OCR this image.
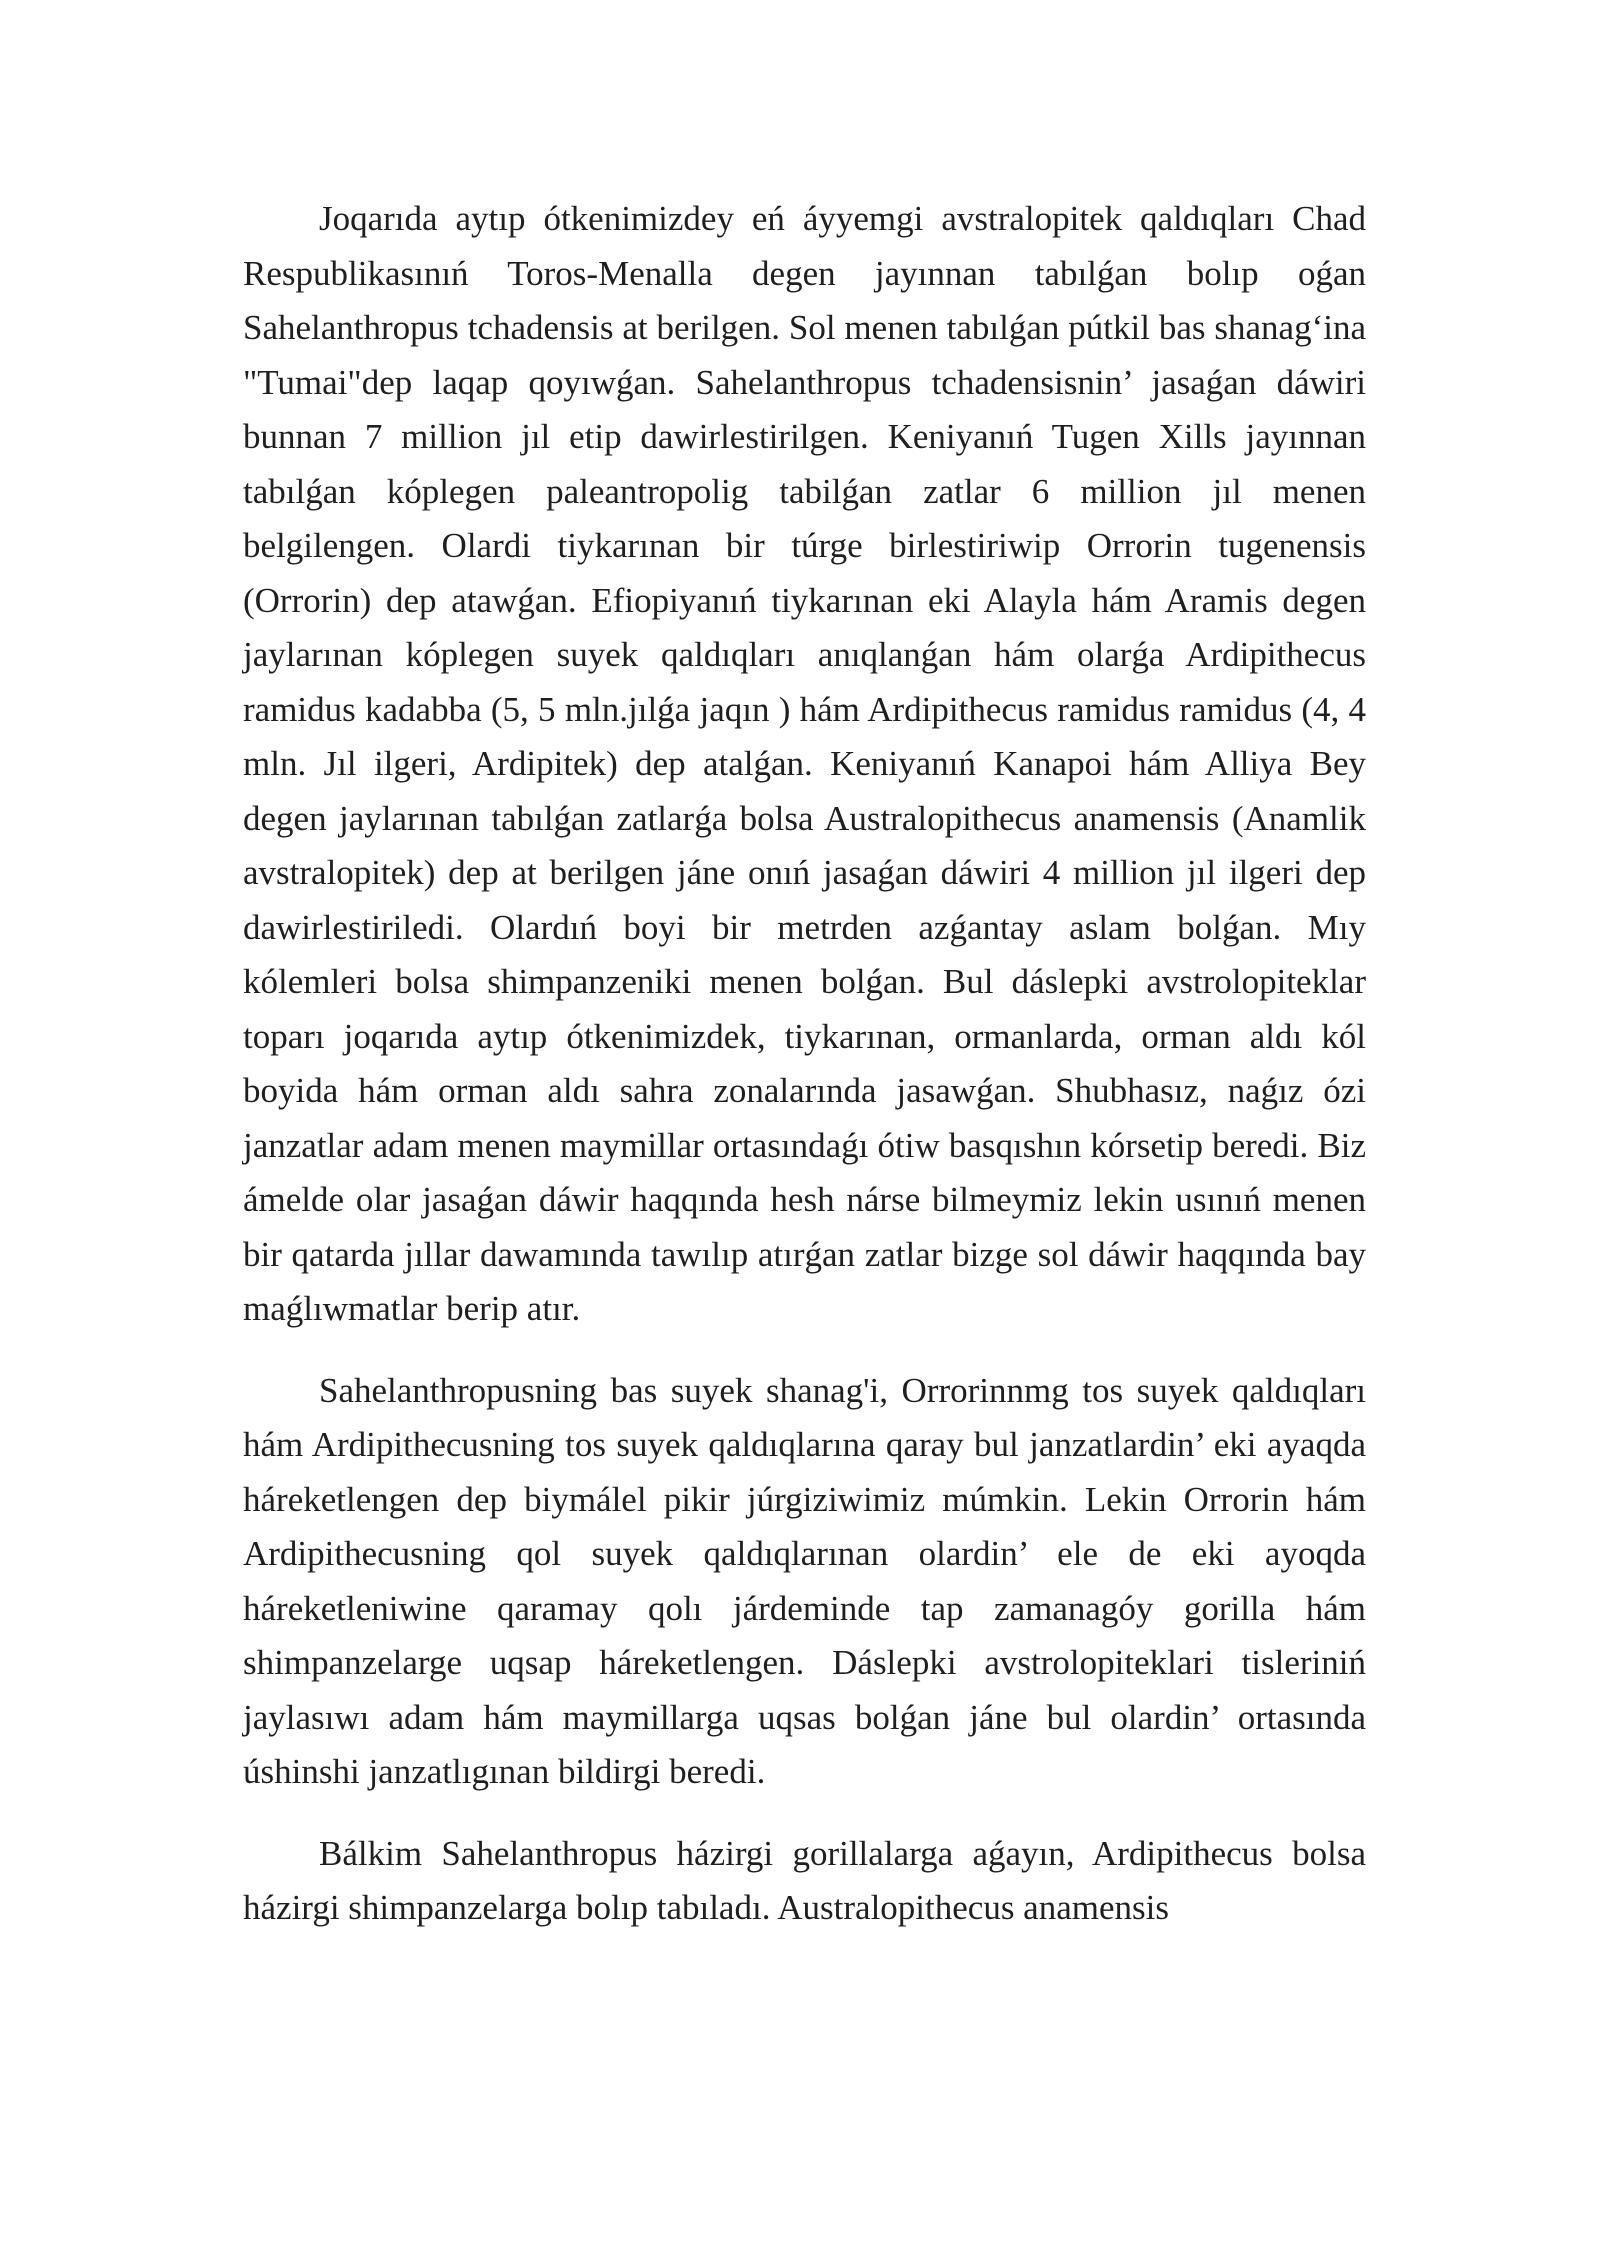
Joqarıda aytıp ótkenimizdey eń áyyemgi avstralopitek qaldıqları Chad Respublikasınıń Toros-Menalla degen jayınnan tabılǵan bolıp oǵan Sahelanthropus tchadensis at berilgen. Sol menen tabılǵan pútkil bas shanagʻina "Tumai"dep laqap qoyıwǵan. Sahelanthropus tchadensisnin’ jasaǵan dáwiri bunnan 7 million jıl etip dawirlestirilgen. Keniyanıń Tugen Xills jayınnan tabılǵan kóplegen paleantropolig tabilǵan zatlar 6 million jıl menen belgilengen. Olardi tiykarınan bir túrge birlestiriwip Orrorin tugenensis (Orrorin) dep atawǵan. Efiopiyanıń tiykarınan eki Alayla hám Aramis degen jaylarınan kóplegen suyek qaldıqları anıqlanǵan hám olarǵa Ardipithecus ramidus kadabba (5, 5 mln.jılǵa jaqın ) hám Ardipithecus ramidus ramidus (4, 4 mln. Jıl ilgeri, Ardipitek) dep atalǵan. Keniyanıń Kanapoi hám Alliya Bey degen jaylarınan tabılǵan zatlarǵa bolsa Australopithecus anamensis (Anamlik avstralopitek) dep at berilgen jáne onıń jasaǵan dáwiri 4 million jıl ilgeri dep dawirlestiriledi. Olardıń boyi bir metrden azǵantay aslam bolǵan. Mıy kólemleri bolsa shimpanzeniki menen bolǵan. Bul dáslepki avstrolopiteklar toparı joqarıda aytıp ótkenimizdek, tiykarınan, ormanlarda, orman aldı kól boyida hám orman aldı sahra zonalarında jasawǵan. Shubhasız, naǵız ózi janzatlar adam menen maymillar ortasındaǵı ótiw basqıshın kórsetip beredi. Biz ámelde olar jasaǵan dáwir haqqında hesh nárse bilmeymiz lekin usınıń menen bir qatarda jıllar dawamında tawılıp atırǵan zatlar bizge sol dáwir haqqında bay maǵlıwmatlar berip atır.

Sahelanthropusning bas suyek shanag'i, Orrorinnmg tos suyek qaldıqları hám Ardipithecusning tos suyek qaldıqlarına qaray bul janzatlardin’ eki ayaqda háreketlengen dep biymálel pikir júrgiziwimiz múmkin. Lekin Orrorin hám Ardipithecusning qol suyek qaldıqlarınan olardin’ ele de eki ayoqda háreketleniwine qaramay qolı járdeminde tap zamanagóy gorilla hám shimpanzelarge uqsap háreketlengen. Dáslepki avstrolopiteklari tisleriniń jaylasıwı adam hám maymillarga uqsas bolǵan jáne bul olardin’ ortasında úshinshi janzatlıgınan bildirgi beredi.

Bálkim Sahelanthropus házirgi gorillalarga aǵayın, Ardipithecus bolsa házirgi shimpanzelarga bolıp tabıladı. Australopithecus anamensis
